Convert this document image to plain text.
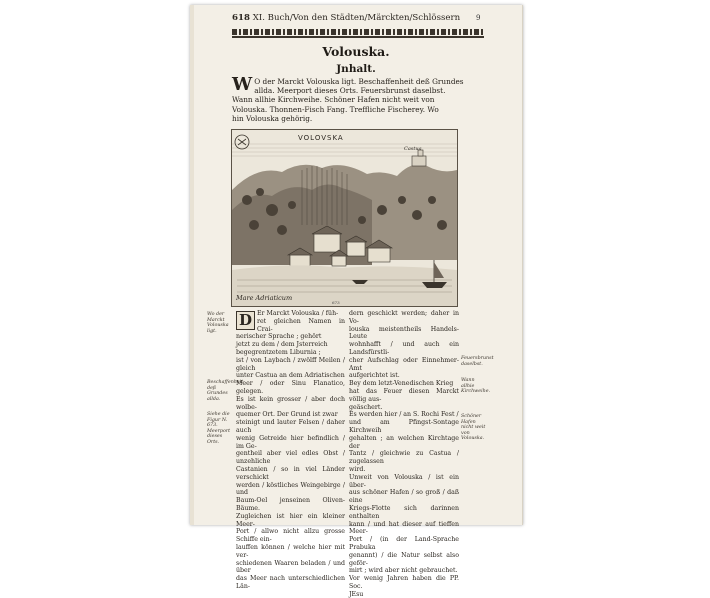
618 XI. Buch/Von den Städten/Märckten/Schlössern	9
Volouska.
Jnhalt.
W O der Marckt Volouska ligt. Beschaffenheit deß Grundes
allda. Meerport dieses Orts. Feuersbrunst daselbst.
Wann allhie Kirchweihe. Schöner Hafen nicht weit von
Volouska. Thonnen-Fisch Fang. Treffliche Fischerey. Wo
hin Volouska gehörig.
VOLOVSKA
Castua
Mare Adriaticum
673
Wo der Marckt Volouska ligt.
Beschaffenheit deß Grundes allda.
Siehe die Figur N. 673. Meerport dieses Orts.
Feuersbrunst daselbst.
Wann allhie Kirchweihe.
Schöner Hafen nicht weit von Volouska.
D Er Marckt Volouska / füh-
ret gleichen Namen in Crai-
nerischer Sprache ; gehört
jetzt zu dem / dem Jsterreich
begegrentzetem Liburnia ;
ist / von Laybach / zwölff Meilen / gleich
unter Castua an dem Adriatischen
Meer / oder Sinu Flanatico, gelegen.
Es ist kein grosser / aber doch wolbe-
quemer Ort. Der Grund ist zwar
steinigt und lauter Felsen / daher auch
wenig Getreide hier befindlich / im Ge-
gentheil aber viel edles Obst / unzehliche
Castanien / so in viel Länder verschickt
werden / köstliches Weingebirge / und
Baum-Oel jenseinen Oliven-Bäume.
Zugleichen ist hier ein kleiner Meer-
Port / allwo nicht allzu grosse Schiffe ein-
lauffen können / welche hier mit ver-
schiedenen Waaren beladen / und über
das Meer nach unterschiedlichen Län-
dern geschickt werden; daher in Vo-
louska meistentheils Handels-Leute
wohnhafft / und auch ein Landsfürstli-
cher Aufschlag oder Einnehmer-Amt
aufgerichtet ist.
Bey dem letzt-Venedischen Krieg
hat das Feuer diesen Marckt völlig aus-
geäschert.
Es werden hier / an S. Rochi Fest /
und am Pfingst-Sontage Kirchweih
gehalten ; an welchen Kirchtage der
Tantz / gleichwie zu Castua / zugelassen
wird.
Unweit von Volouska / ist ein über-
aus schöner Hafen / so groß / daß eine
Kriegs-Flotte sich darinnen enthalten
kann / und hat dieser auf tieffen Meer-
Port / (in der Land-Sprache Prabuka
genannt) / die Natur selbst also geför-
mirt ; wird aber nicht gebrauchet.
Vor wenig Jahren haben die PP. Soc.
JEsu
